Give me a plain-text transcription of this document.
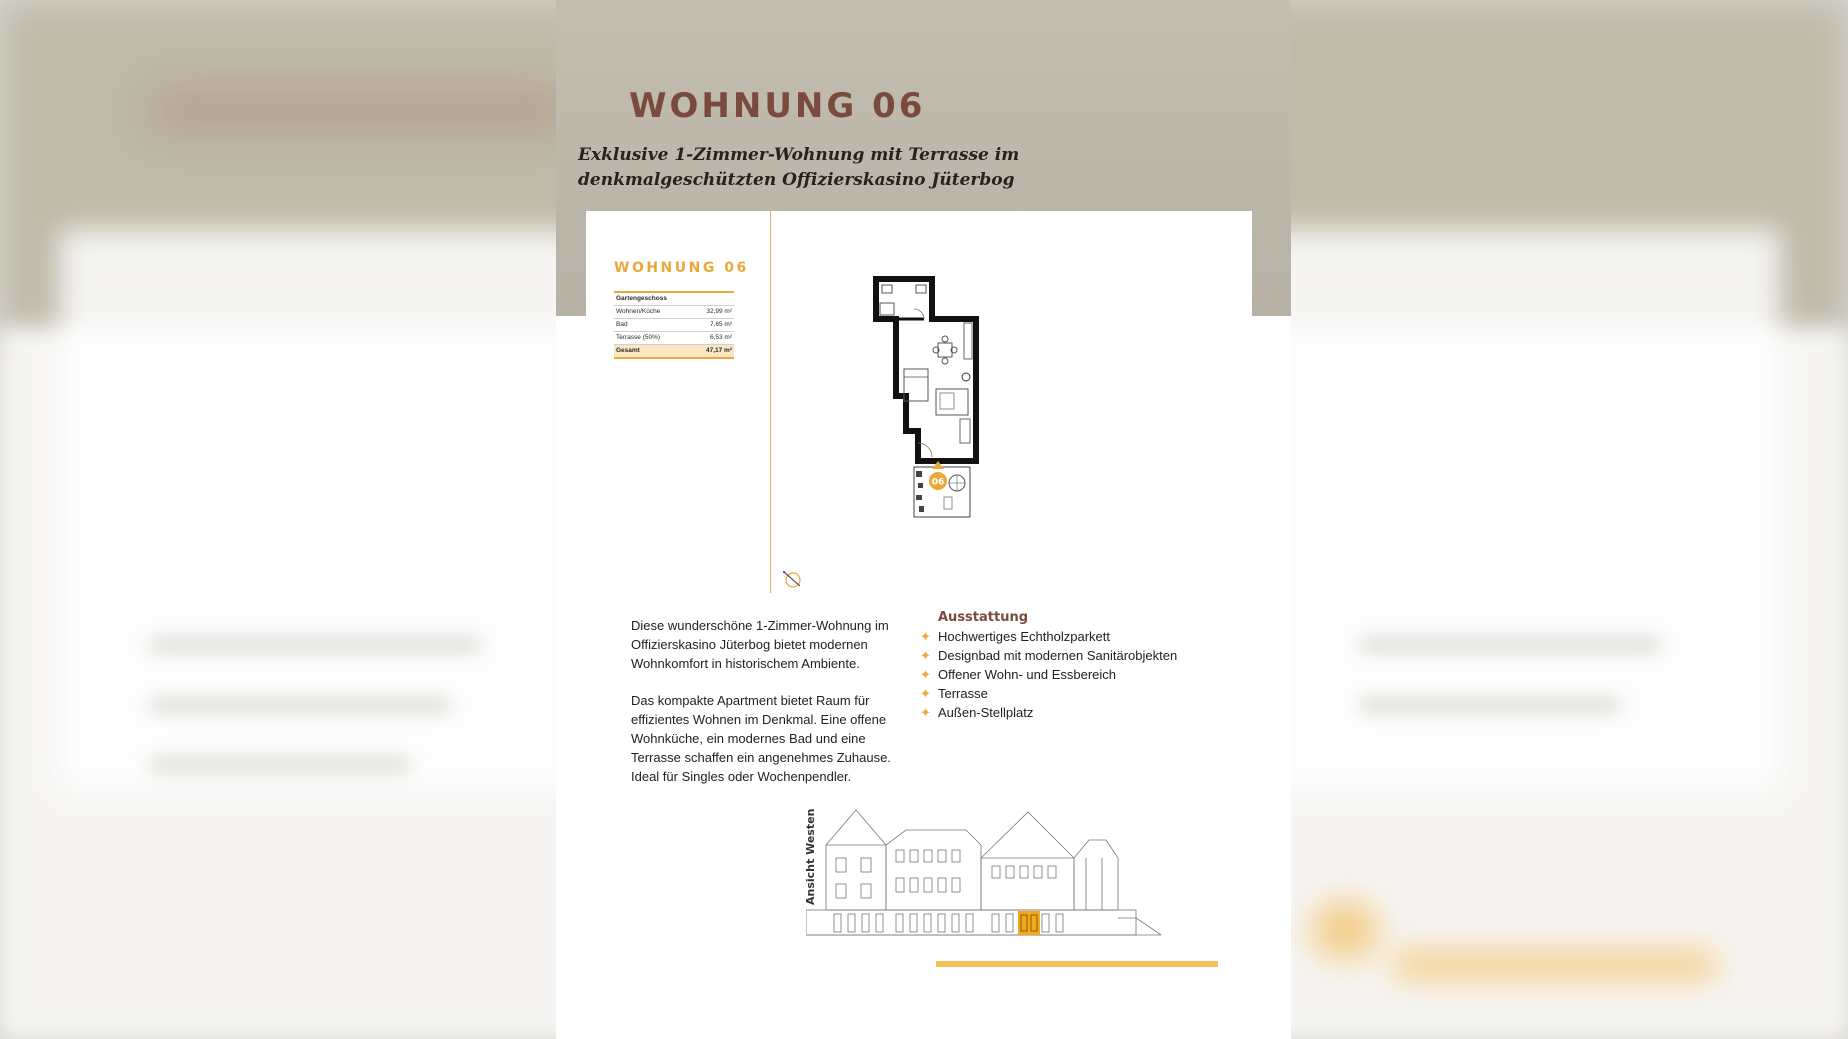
WOHNUNG 06

Exklusive 1-Zimmer-Wohnung mit Terrasse im
denkmalgeschützten Offizierskasino Jüterbog

WOHNUNG 06
Gartengeschoss
Wohnen/Küche	32,99 m²
Bad	7,65 m²
Terrasse (50%)	6,53 m²
Gesamt	47,17 m²
06

Diese wunderschöne 1-Zimmer-Wohnung im Offizierskasino Jüterbog bietet modernen Wohnkomfort in historischem Ambiente.

Das kompakte Apartment bietet Raum für effizientes Wohnen im Denkmal. Eine offene Wohnküche, ein modernes Bad und eine Terrasse schaffen ein angenehmes Zuhause. Ideal für Singles oder Wochenpendler.

Ausstattung
✦ Hochwertiges Echtholzparkett
✦ Designbad mit modernen Sanitärobjekten
✦ Offener Wohn- und Essbereich
✦ Terrasse
✦ Außen-Stellplatz
Ansicht Westen
